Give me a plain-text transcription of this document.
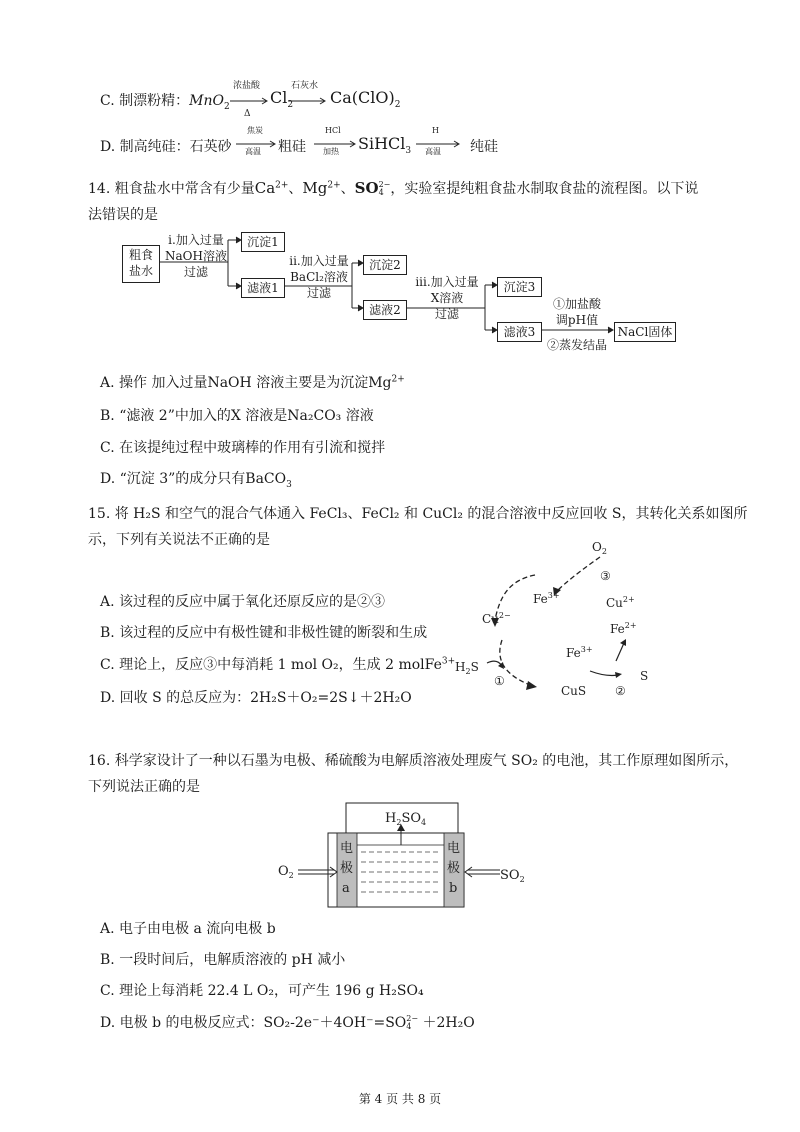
C. 制漂粉精：MnO$_2$
浓盐酸
Δ
石灰水
$Cl_2$ $Ca(ClO)_2$
D. 制高纯硅：石英砂
焦炭
高温
HCl
加热
H
高温
粗硅	SiHCl$_3$	纯硅
14. 粗食盐水中常含有少量$Ca^{2+}$、$Mg^{2+}$、SO 2−
4 ，实验室提纯粗食盐水制取食盐的流程图。以下说
法错误的是
粗食盐水
i.加入过量
NaOH溶液
过滤
沉淀1
滤液1
ii.加入过量
BaCl₂溶液
过滤
沉淀2
滤液2
iii.加入过量
X溶液
过滤
沉淀3
滤液3
①加盐酸
调pH值
②蒸发结晶
NaCl固体
A. 操作 加入过量NaOH 溶液主要是为沉淀$Mg^{2+}$
B. “滤液 2”中加入的X 溶液是Na₂CO₃ 溶液
C. 在该提纯过程中玻璃棒的作用有引流和搅拌
D. “沉淀 3”的成分只有BaCO$_3$
15. 将 H₂S 和空气的混合气体通入 FeCl₃、FeCl₂ 和 CuCl₂ 的混合溶液中反应回收 S，其转化关系如图所
示，下列有关说法不正确的是	$O_2$
③
$Fe^{3+}$
$Cu^{2+}$
$Cu^{2-}$
$Fe^{2+}$
$Fe^{3+}$
$H_2S$
①	S
CuS ②
A. 该过程的反应中属于氧化还原反应的是②③
B. 该过程的反应中有极性键和非极性键的断裂和生成
C. 理论上，反应③中每消耗 1 mol O₂，生成 2 molFe$^{3+}$
D. 回收 S 的总反应为：2H₂S＋O₂=2S↓＋2H₂O
16. 科学家设计了一种以石墨为电极、稀硫酸为电解质溶液处理废气 SO₂ 的电池，其工作原理如图所示，
下列说法正确的是
$H_2SO_4$
电
极
a
电
极
b
$O_2$	$SO_2$
A. 电子由电极 a 流向电极 b
B. 一段时间后，电解质溶液的 pH 减小
C. 理论上每消耗 22.4 L O₂，可产生 196 g H₂SO₄
D. 电极 b 的电极反应式：SO₂-2e⁻＋4OH⁻=SO 2−
4 ＋2H₂O
第 4 页 共 8 页
